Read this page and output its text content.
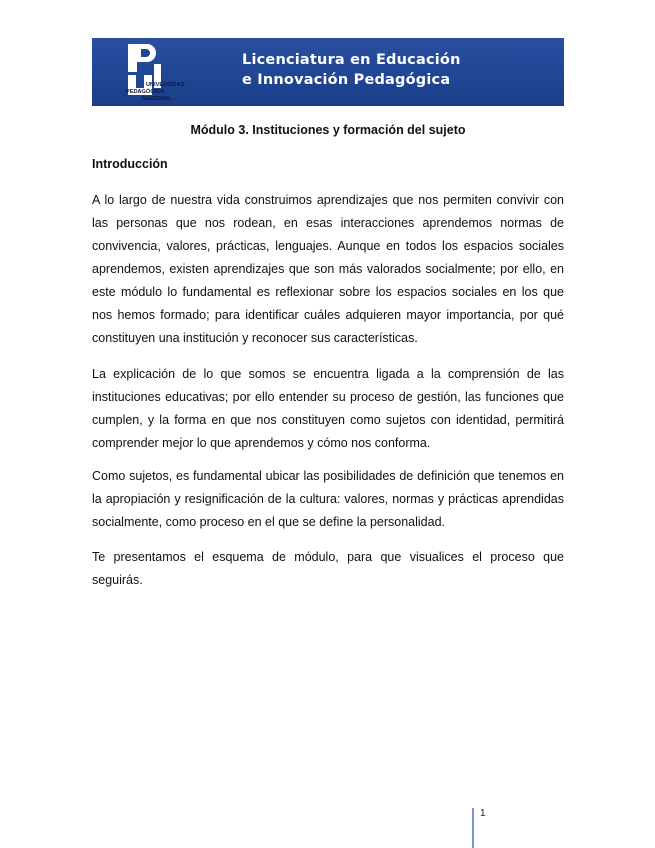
UNIVERSIDAD
PEDAGÓGICA
NACIONAL
Licenciatura en Educación
e Innovación Pedagógica
Módulo 3. Instituciones y formación del sujeto
Introducción

A lo largo de nuestra vida construimos aprendizajes que nos permiten convivir con las personas que nos rodean, en esas interacciones aprendemos normas de convivencia, valores, prácticas, lenguajes. Aunque en todos los espacios sociales aprendemos, existen aprendizajes que son más valorados socialmente; por ello, en este módulo lo fundamental es reflexionar sobre los espacios sociales en los que nos hemos formado; para identificar cuáles adquieren mayor importancia, por qué constituyen una institución y reconocer sus características.

La explicación de lo que somos se encuentra ligada a la comprensión de las instituciones educativas; por ello entender su proceso de gestión, las funciones que cumplen, y la forma en que nos constituyen como sujetos con identidad, permitirá comprender mejor lo que aprendemos y cómo nos conforma.

Como sujetos, es fundamental ubicar las posibilidades de definición que tenemos en la apropiación y resignificación de la cultura: valores, normas y prácticas aprendidas socialmente, como proceso en el que se define la personalidad.

Te presentamos el esquema de módulo, para que visualices el proceso que seguirás.

1
